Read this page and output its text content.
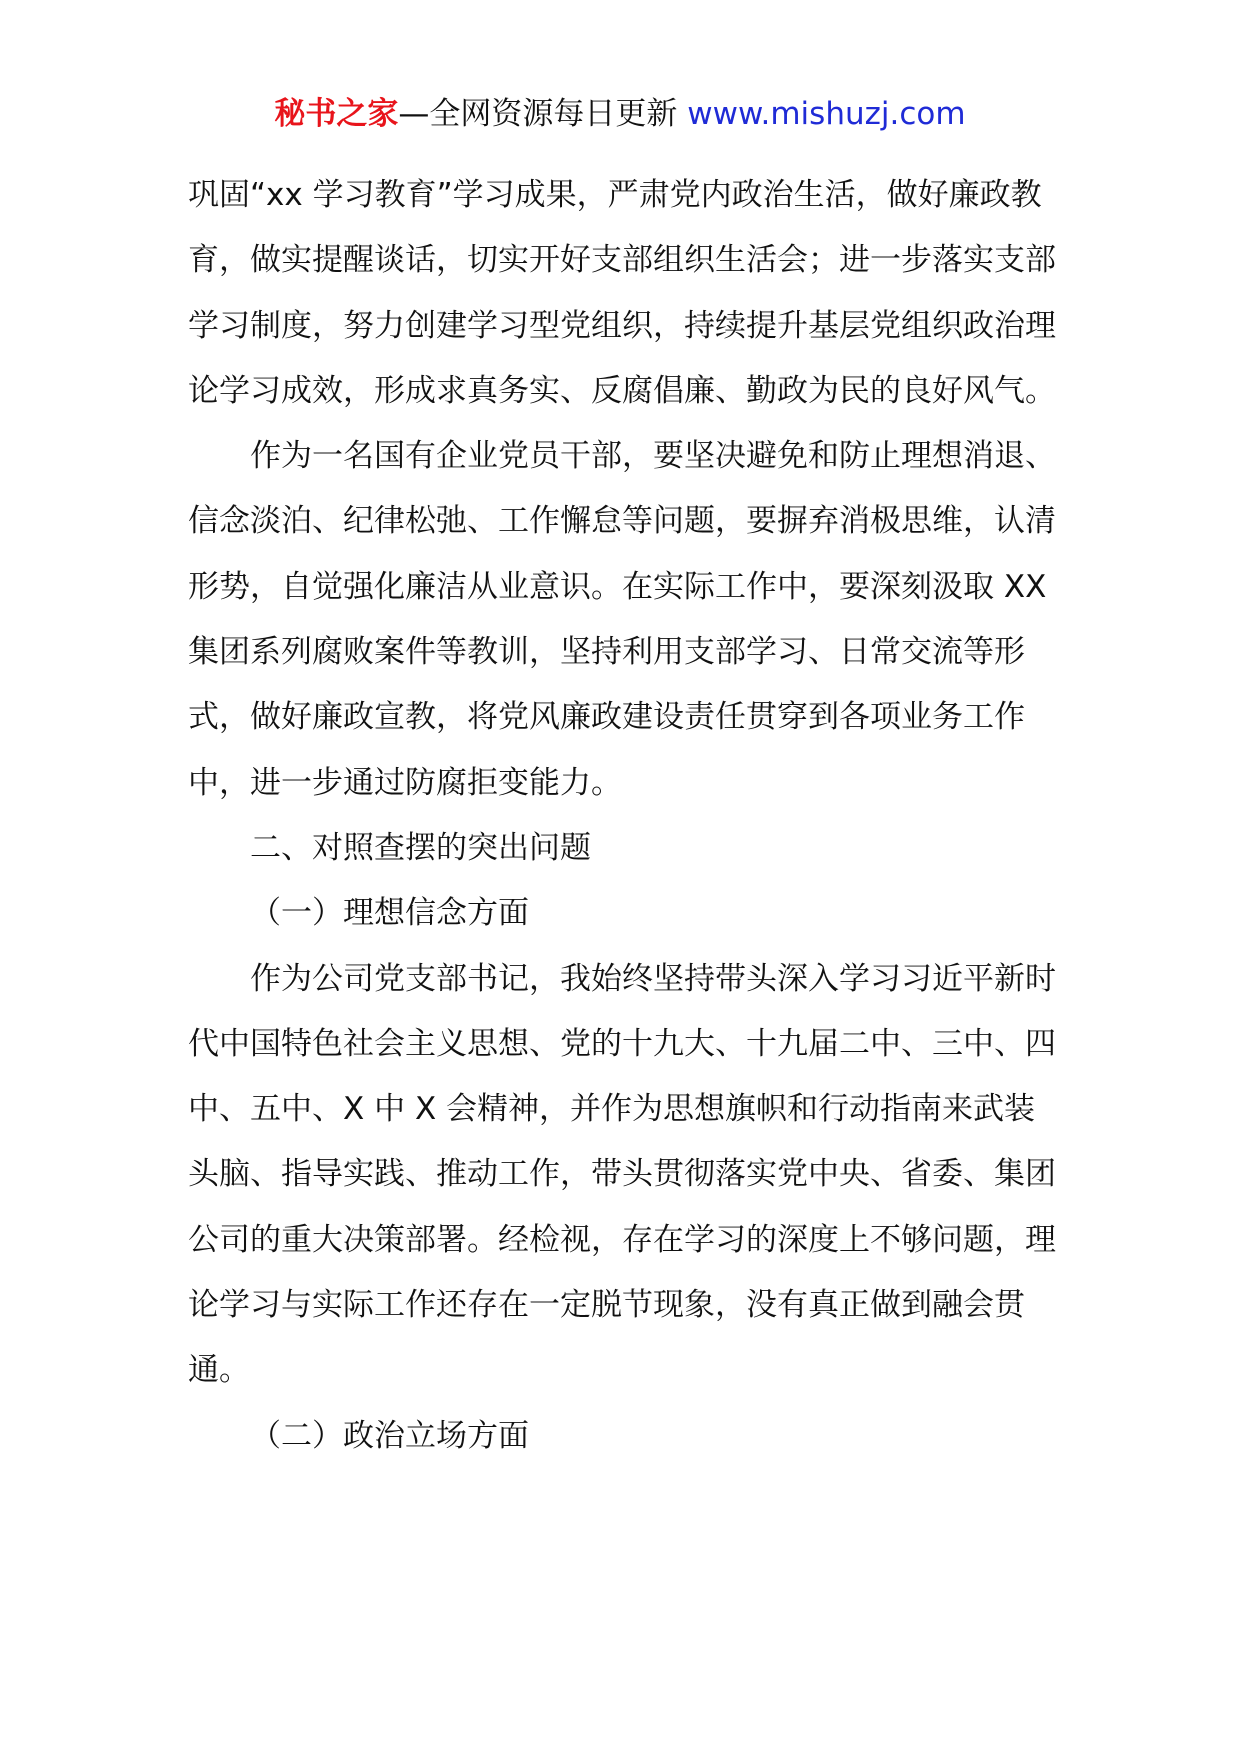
秘书之家—全网资源每日更新 www.mishuzj.com

巩固“xx 学习教育”学习成果，严肃党内政治生活，做好廉政教育，做实提醒谈话，切实开好支部组织生活会；进一步落实支部学习制度，努力创建学习型党组织，持续提升基层党组织政治理论学习成效，形成求真务实、反腐倡廉、勤政为民的良好风气。

作为一名国有企业党员干部，要坚决避免和防止理想消退、信念淡泊、纪律松弛、工作懈怠等问题，要摒弃消极思维，认清形势，自觉强化廉洁从业意识。在实际工作中，要深刻汲取 XX 集团系列腐败案件等教训，坚持利用支部学习、日常交流等形式，做好廉政宣教，将党风廉政建设责任贯穿到各项业务工作中，进一步通过防腐拒变能力。

二、对照查摆的突出问题

（一）理想信念方面

作为公司党支部书记，我始终坚持带头深入学习习近平新时代中国特色社会主义思想、党的十九大、十九届二中、三中、四中、五中、X 中 X 会精神，并作为思想旗帜和行动指南来武装头脑、指导实践、推动工作，带头贯彻落实党中央、省委、集团公司的重大决策部署。经检视，存在学习的深度上不够问题，理论学习与实际工作还存在一定脱节现象，没有真正做到融会贯通。

（二）政治立场方面
